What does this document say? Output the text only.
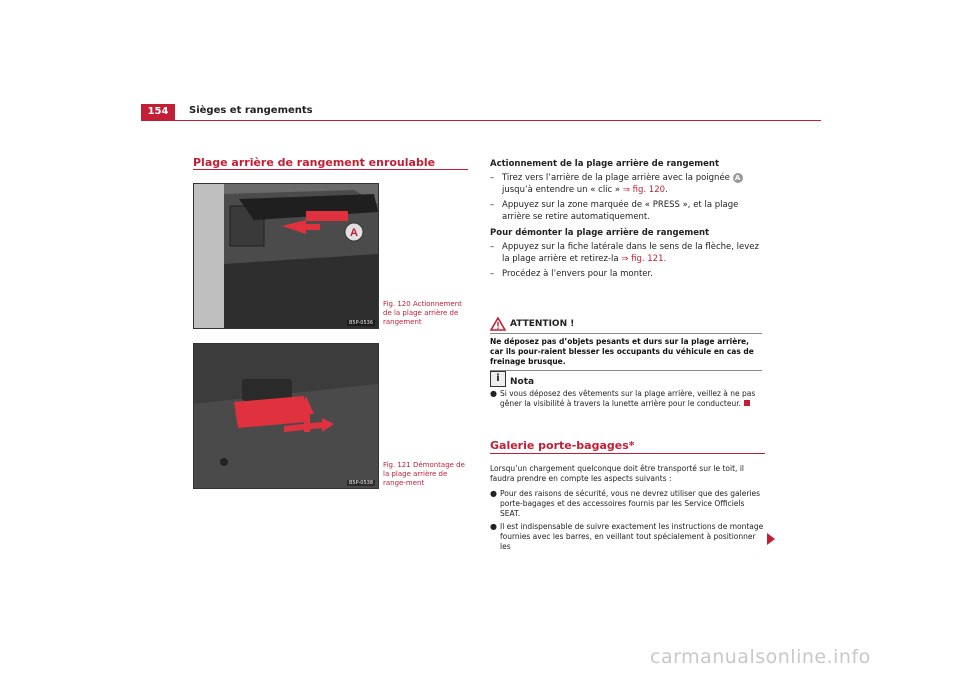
154	Sièges et rangements
Plage arrière de rangement enroulable
A
B5P-0536
Fig. 120 Actionnement de la plage arrière de rangement
B5P-0538
Fig. 121 Démontage de la plage arrière de range-ment
Actionnement de la plage arrière de rangement
– Tirez vers l’arrière de la plage arrière avec la poignée A jusqu’à entendre un « clic » ⇒ fig. 120.
– Appuyez sur la zone marquée de « PRESS », et la plage arrière se retire automatiquement.
Pour démonter la plage arrière de rangement
– Appuyez sur la fiche latérale dans le sens de la flèche, levez la plage arrière et retirez-la ⇒ fig. 121.
– Procédez à l’envers pour la monter.
ATTENTION !
Ne déposez pas d’objets pesants et durs sur la plage arrière, car ils pour-raient blesser les occupants du véhicule en cas de freinage brusque.
i	Nota
● Si vous déposez des vêtements sur la plage arrière, veillez à ne pas gêner la visibilité à travers la lunette arrière pour le conducteur.
Galerie porte-bagages*
Lorsqu’un chargement quelconque doit être transporté sur le toit, il faudra prendre en compte les aspects suivants :
● Pour des raisons de sécurité, vous ne devrez utiliser que des galeries porte-bagages et des accessoires fournis par les Service Officiels SEAT.
● Il est indispensable de suivre exactement les instructions de montage fournies avec les barres, en veillant tout spécialement à positionner les
carmanualsonline.info
